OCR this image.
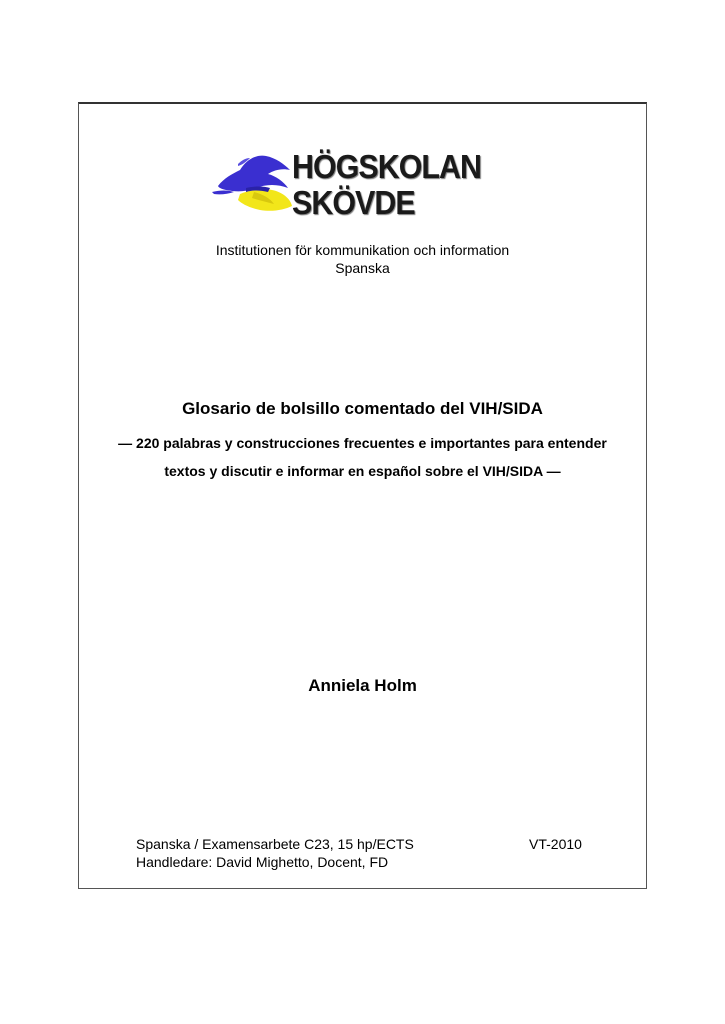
HÖGSKOLAN
SKÖVDE
Institutionen för kommunikation och information
Spanska
Glosario de bolsillo comentado del VIH/SIDA
— 220 palabras y construcciones frecuentes e importantes para entender
textos y discutir e informar en español sobre el VIH/SIDA —
Anniela Holm
Spanska / Examensarbete C23, 15 hp/ECTS
Handledare: David Mighetto, Docent, FD
VT-2010
